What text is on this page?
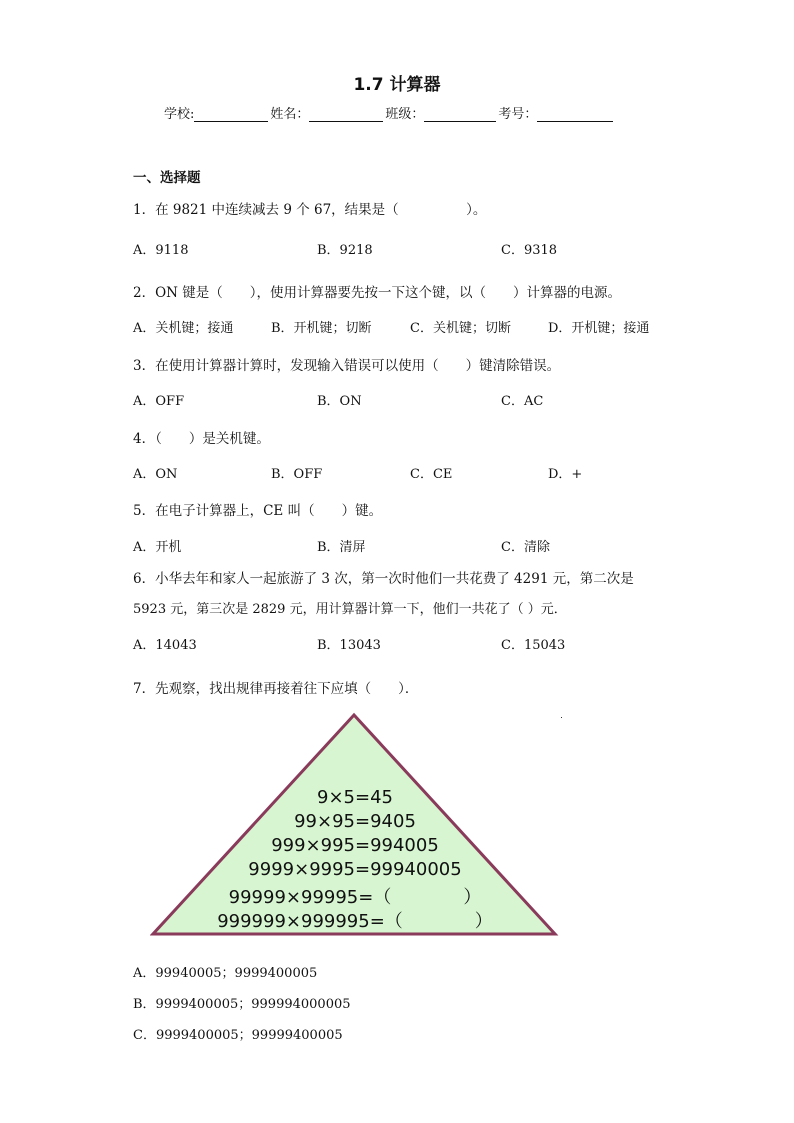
1.7 计算器
学校:	姓名：	班级：	考号：
一、选择题
1．在 9821 中连续减去 9 个 67，结果是（　　　　　）。
A．9118	B．9218	C．9318
2．ON 键是（　　），使用计算器要先按一下这个键，以（　　）计算器的电源。
A．关机键；接通	B．开机键；切断	C．关机键；切断	D．开机键；接通
3．在使用计算器计算时，发现输入错误可以使用（　　）键清除错误。
A．OFF	B．ON	C．AC
4．（　　）是关机键。
A．ON	B．OFF	C．CE	D．+
5．在电子计算器上，CE 叫（　　）键。
A．开机	B．清屏	C．清除
6．小华去年和家人一起旅游了 3 次，第一次时他们一共花费了 4291 元，第二次是
5923 元，第三次是 2829 元，用计算器计算一下，他们一共花了（ ）元．
A．14043	B．13043	C．15043
7．先观察，找出规律再接着往下应填（　　）．
9×5=45
99×95=9405
999×995=994005
9999×9995=99940005
99999×99995=（　　　　）
999999×999995=（　　　　）
A．99940005；9999400005
B．9999400005；999994000005
C．9999400005；99999400005
